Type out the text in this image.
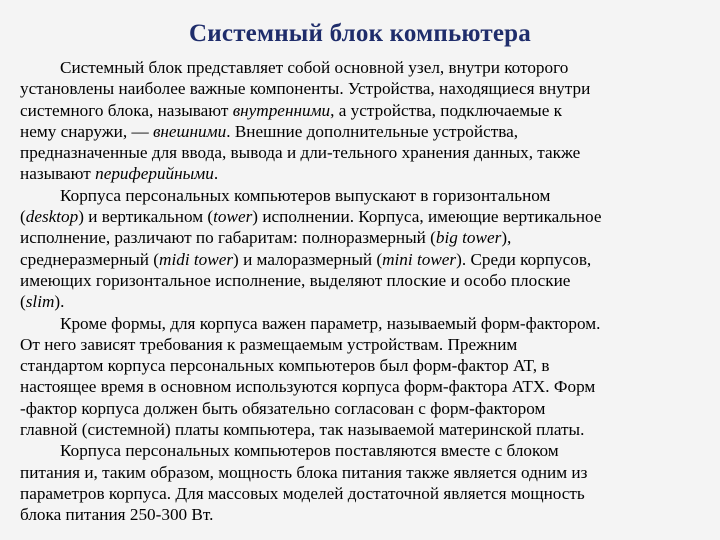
Системный блок компьютера
Системный блок представляет собой основной узел, внутри которого
установлены наиболее важные компоненты. Устройства, находящиеся внутри
системного блока, называют внутренними, а устройства, подключаемые к
нему снаружи, — внешними. Внешние дополнительные устройства,
предназначенные для ввода, вывода и дли-тельного хранения данных, также
называют периферийными.
Корпуса персональных компьютеров выпускают в горизонтальном
(desktop) и вертикальном (tower) исполнении. Корпуса, имеющие вертикальное
исполнение, различают по габаритам: полноразмерный (big tower),
среднеразмерный (midi tower) и малоразмерный (mini tower). Среди корпусов,
имеющих горизонтальное исполнение, выделяют плоские и особо плоские
(slim).
Кроме формы, для корпуса важен параметр, называемый форм-фактором.
От него зависят требования к размещаемым устройствам. Прежним
стандартом корпуса персональных компьютеров был форм-фактор AT, в
настоящее время в основном используются корпуса форм-фактора ATX. Форм
-фактор корпуса должен быть обязательно согласован с форм-фактором
главной (системной) платы компьютера, так называемой материнской платы.
Корпуса персональных компьютеров поставляются вместе с блоком
питания и, таким образом, мощность блока питания также является одним из
параметров корпуса. Для массовых моделей достаточной является мощность
блока питания 250-300 Вт.
